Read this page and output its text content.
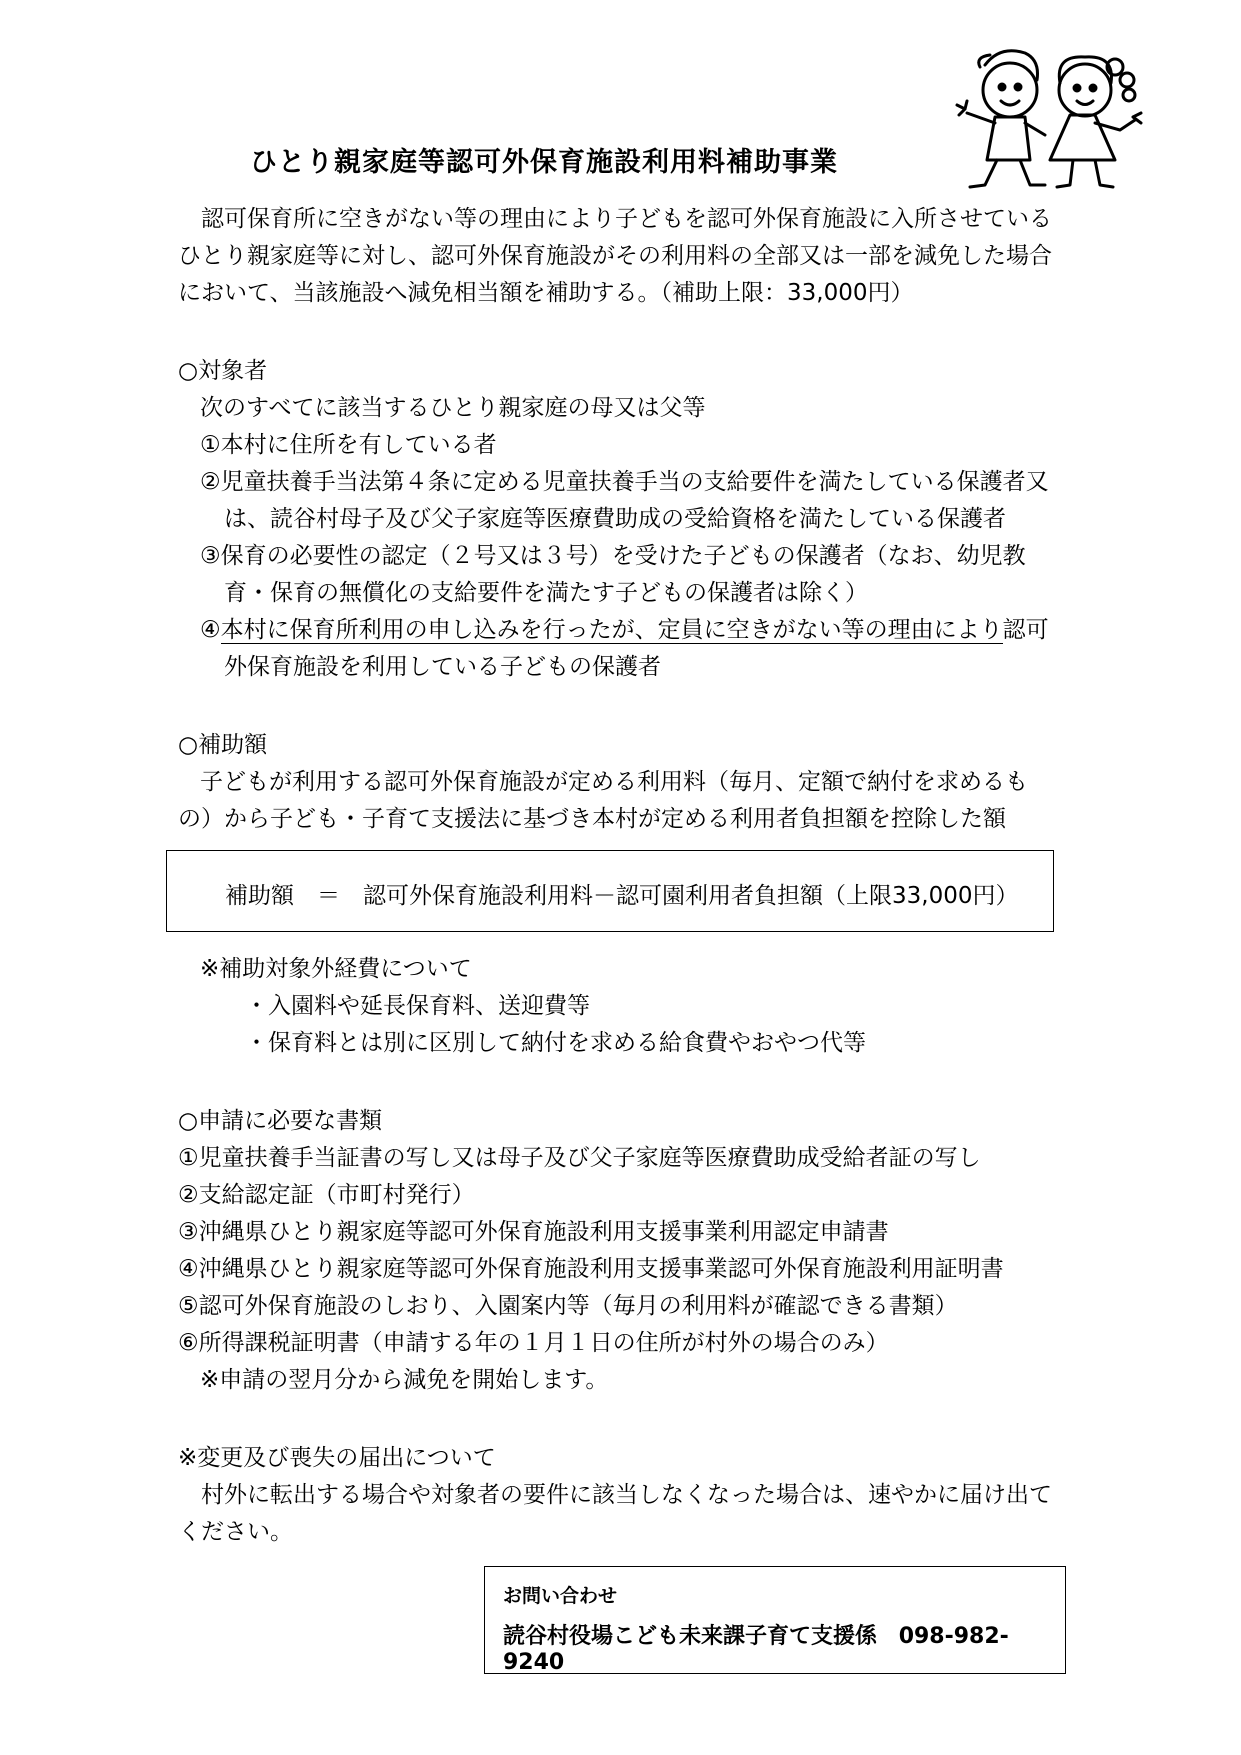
ひとり親家庭等認可外保育施設利用料補助事業
　認可保育所に空きがない等の理由により子どもを認可外保育施設に入所させている
ひとり親家庭等に対し、認可外保育施設がその利用料の全部又は一部を減免した場合
において、当該施設へ減免相当額を補助する。（補助上限：33,000円）
○対象者
次のすべてに該当するひとり親家庭の母又は父等
①本村に住所を有している者
②児童扶養手当法第４条に定める児童扶養手当の支給要件を満たしている保護者又
は、読谷村母子及び父子家庭等医療費助成の受給資格を満たしている保護者
③保育の必要性の認定（２号又は３号）を受けた子どもの保護者（なお、幼児教
育・保育の無償化の支給要件を満たす子どもの保護者は除く）
④本村に保育所利用の申し込みを行ったが、定員に空きがない等の理由により認可
外保育施設を利用している子どもの保護者
○補助額
子どもが利用する認可外保育施設が定める利用料（毎月、定額で納付を求めるも
の）から子ども・子育て支援法に基づき本村が定める利用者負担額を控除した額
補助額　＝　認可外保育施設利用料－認可園利用者負担額（上限33,000円）
※補助対象外経費について
・入園料や延長保育料、送迎費等
・保育料とは別に区別して納付を求める給食費やおやつ代等
○申請に必要な書類
①児童扶養手当証書の写し又は母子及び父子家庭等医療費助成受給者証の写し
②支給認定証（市町村発行）
③沖縄県ひとり親家庭等認可外保育施設利用支援事業利用認定申請書
④沖縄県ひとり親家庭等認可外保育施設利用支援事業認可外保育施設利用証明書
⑤認可外保育施設のしおり、入園案内等（毎月の利用料が確認できる書類）
⑥所得課税証明書（申請する年の１月１日の住所が村外の場合のみ）
※申請の翌月分から減免を開始します。
※変更及び喪失の届出について
　村外に転出する場合や対象者の要件に該当しなくなった場合は、速やかに届け出て
ください。
お問い合わせ
読谷村役場こども未来課子育て支援係 098-982-9240
